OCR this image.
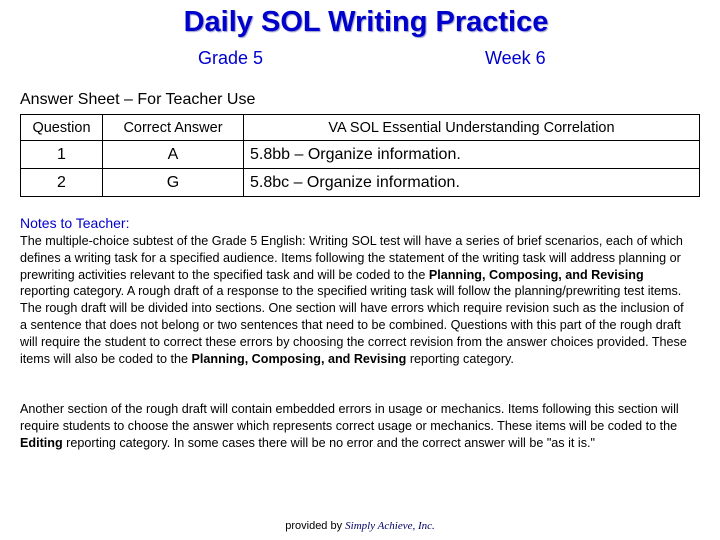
Daily SOL Writing Practice
Grade 5	Week 6
Answer Sheet – For Teacher Use
Question	Correct Answer	VA SOL Essential Understanding Correlation
1	A	5.8bb – Organize information.
2	G	5.8bc – Organize information.
Notes to Teacher:

The multiple-choice subtest of the Grade 5 English: Writing SOL test will have a series of brief scenarios, each of which defines a writing task for a specified audience. Items following the statement of the writing task will address planning or prewriting activities relevant to the specified task and will be coded to the Planning, Composing, and Revising reporting category. A rough draft of a response to the specified writing task will follow the planning/prewriting test items. The rough draft will be divided into sections. One section will have errors which require revision such as the inclusion of a sentence that does not belong or two sentences that need to be combined. Questions with this part of the rough draft will require the student to correct these errors by choosing the correct revision from the answer choices provided. These items will also be coded to the Planning, Composing, and Revising reporting category.

Another section of the rough draft will contain embedded errors in usage or mechanics. Items following this section will require students to choose the answer which represents correct usage or mechanics. These items will be coded to the Editing reporting category. In some cases there will be no error and the correct answer will be "as it is."

provided by Simply Achieve, Inc.
